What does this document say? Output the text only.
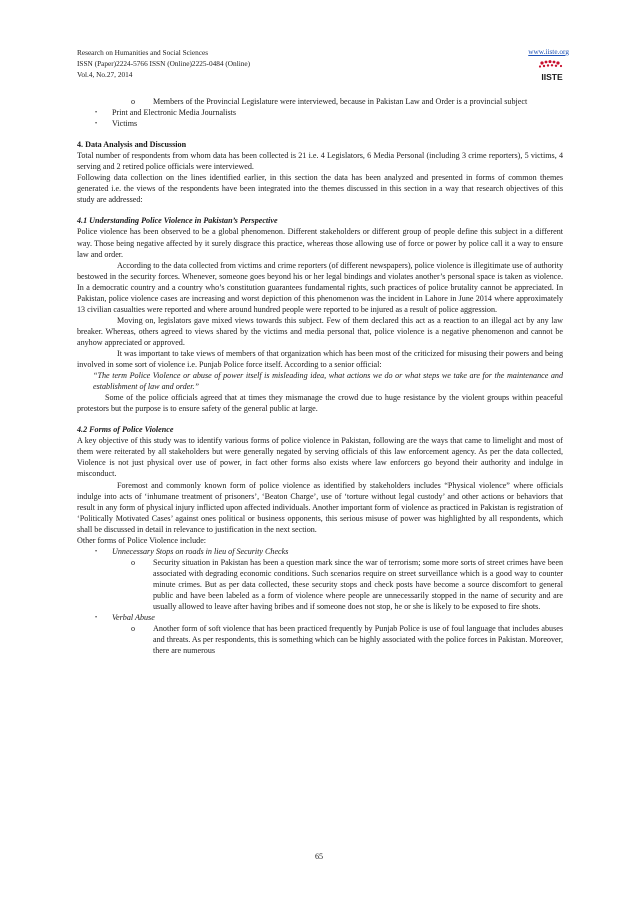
Research on Humanities and Social Sciences
ISSN (Paper)2224-5766 ISSN (Online)2225-0484 (Online)
Vol.4, No.27, 2014
www.iiste.org
IISTE
o Members of the Provincial Legislature were interviewed, because in Pakistan Law and Order is a provincial subject
• Print and Electronic Media Journalists
• Victims

4. Data Analysis and Discussion

Total number of respondents from whom data has been collected is 21 i.e. 4 Legislators, 6 Media Personal (including 3 crime reporters), 5 victims, 4 serving and 2 retired police officials were interviewed.

Following data collection on the lines identified earlier, in this section the data has been analyzed and presented in forms of common themes generated i.e. the views of the respondents have been integrated into the themes discussed in this section in a way that research objectives of this study are addressed:

4.1 Understanding Police Violence in Pakistan’s Perspective

Police violence has been observed to be a global phenomenon. Different stakeholders or different group of people define this subject in a different way. Those being negative affected by it surely disgrace this practice, whereas those allowing use of force or power by police call it a way to ensure law and order.

According to the data collected from victims and crime reporters (of different newspapers), police violence is illegitimate use of authority bestowed in the security forces. Whenever, someone goes beyond his or her legal bindings and violates another’s personal space is taken as violence. In a democratic country and a country who’s constitution guarantees fundamental rights, such practices of police brutality cannot be appreciated. In Pakistan, police violence cases are increasing and worst depiction of this phenomenon was the incident in Lahore in June 2014 where approximately 13 civilian casualties were reported and where around hundred people were reported to be injured as a result of police aggression.

Moving on, legislators gave mixed views towards this subject. Few of them declared this act as a reaction to an illegal act by any law breaker. Whereas, others agreed to views shared by the victims and media personal that, police violence is a negative phenomenon and cannot be anyhow appreciated or approved.

It was important to take views of members of that organization which has been most of the criticized for misusing their powers and being involved in some sort of violence i.e. Punjab Police force itself. According to a senior official:

“The term Police Violence or abuse of power itself is misleading idea, what actions we do or what steps we take are for the maintenance and establishment of law and order.”

Some of the police officials agreed that at times they mismanage the crowd due to huge resistance by the violent groups within peaceful protestors but the purpose is to ensure safety of the general public at large.

4.2 Forms of Police Violence

A key objective of this study was to identify various forms of police violence in Pakistan, following are the ways that came to limelight and most of them were reiterated by all stakeholders but were generally negated by serving officials of this law enforcement agency. As per the data collected, Violence is not just physical over use of power, in fact other forms also exists where law enforcers go beyond their authority and indulge in misconduct.

Foremost and commonly known form of police violence as identified by stakeholders includes “Physical violence” where officials indulge into acts of ‘inhumane treatment of prisoners’, ‘Beaton Charge’, use of ‘torture without legal custody’ and other actions or behaviors that result in any form of physical injury inflicted upon affected individuals. Another important form of violence as practiced in Pakistan is registration of ‘Politically Motivated Cases’ against ones political or business opponents, this serious misuse of power was highlighted by all respondents, which shall be discussed in detail in relevance to justification in the next section.

Other forms of Police Violence include:

• Unnecessary Stops on roads in lieu of Security Checks
o Security situation in Pakistan has been a question mark since the war of terrorism; some more sorts of street crimes have been associated with degrading economic conditions. Such scenarios require on street surveillance which is a good way to counter minute crimes. But as per data collected, these security stops and check posts have become a source discomfort to general public and have been labeled as a form of violence where people are unnecessarily stopped in the name of security and are usually allowed to leave after having bribes and if someone does not stop, he or she is likely to be exposed to fire shots.
• Verbal Abuse
o Another form of soft violence that has been practiced frequently by Punjab Police is use of foul language that includes abuses and threats. As per respondents, this is something which can be highly associated with the police forces in Pakistan. Moreover, there are numerous
65
